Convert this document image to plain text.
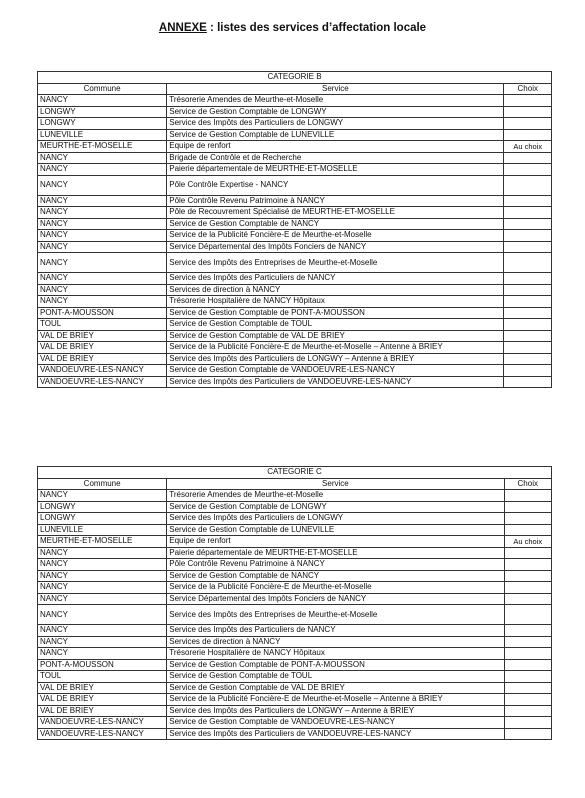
ANNEXE : listes des services d’affectation locale
CATEGORIE B		
Commune	Service	Choix
NANCY	Trésorerie Amendes de Meurthe-et-Moselle	
LONGWY	Service de Gestion Comptable de LONGWY	
LONGWY	Service des Impôts des Particuliers de LONGWY	
LUNEVILLE	Service de Gestion Comptable de LUNEVILLE	
MEURTHE-ET-MOSELLE	Equipe de renfort	Au choix
NANCY	Brigade de Contrôle et de Recherche	
NANCY	Paierie départementale de MEURTHE-ET-MOSELLE	
NANCY	Pôle Contrôle Expertise - NANCY	
NANCY	Pôle Contrôle Revenu Patrimoine à NANCY	
NANCY	Pôle de Recouvrement Spécialisé de MEURTHE-ET-MOSELLE	
NANCY	Service de Gestion Comptable de NANCY	
NANCY	Service de la Publicité Foncière-E de Meurthe-et-Moselle	
NANCY	Service Départemental des Impôts Fonciers de NANCY	
NANCY	Service des Impôts des Entreprises de Meurthe-et-Moselle	
NANCY	Service des Impôts des Particuliers de NANCY	
NANCY	Services de direction à NANCY	
NANCY	Trésorerie Hospitalière de NANCY Hôpitaux	
PONT-A-MOUSSON	Service de Gestion Comptable de PONT-A-MOUSSON	
TOUL	Service de Gestion Comptable de TOUL	
VAL DE BRIEY	Service de Gestion Comptable de VAL DE BRIEY	
VAL DE BRIEY	Service de la Publicité Foncière-E de Meurthe-et-Moselle – Antenne à BRIEY	
VAL DE BRIEY	Service des Impôts des Particuliers de LONGWY – Antenne à BRIEY	
VANDOEUVRE-LES-NANCY	Service de Gestion Comptable de VANDOEUVRE-LES-NANCY	
VANDOEUVRE-LES-NANCY	Service des Impôts des Particuliers de VANDOEUVRE-LES-NANCY	
CATEGORIE C		
Commune	Service	Choix
NANCY	Trésorerie Amendes de Meurthe-et-Moselle	
LONGWY	Service de Gestion Comptable de LONGWY	
LONGWY	Service des Impôts des Particuliers de LONGWY	
LUNEVILLE	Service de Gestion Comptable de LUNEVILLE	
MEURTHE-ET-MOSELLE	Equipe de renfort	Au choix
NANCY	Paierie départementale de MEURTHE-ET-MOSELLE	
NANCY	Pôle Contrôle Revenu Patrimoine à NANCY	
NANCY	Service de Gestion Comptable de NANCY	
NANCY	Service de la Publicité Foncière-E de Meurthe-et-Moselle	
NANCY	Service Départemental des Impôts Fonciers de NANCY	
NANCY	Service des Impôts des Entreprises de Meurthe-et-Moselle	
NANCY	Service des Impôts des Particuliers de NANCY	
NANCY	Services de direction à NANCY	
NANCY	Trésorerie Hospitalière de NANCY Hôpitaux	
PONT-A-MOUSSON	Service de Gestion Comptable de PONT-A-MOUSSON	
TOUL	Service de Gestion Comptable de TOUL	
VAL DE BRIEY	Service de Gestion Comptable de VAL DE BRIEY	
VAL DE BRIEY	Service de la Publicité Foncière-E de Meurthe-et-Moselle – Antenne à BRIEY	
VAL DE BRIEY	Service des Impôts des Particuliers de LONGWY – Antenne à BRIEY	
VANDOEUVRE-LES-NANCY	Service de Gestion Comptable de VANDOEUVRE-LES-NANCY	
VANDOEUVRE-LES-NANCY	Service des Impôts des Particuliers de VANDOEUVRE-LES-NANCY	
